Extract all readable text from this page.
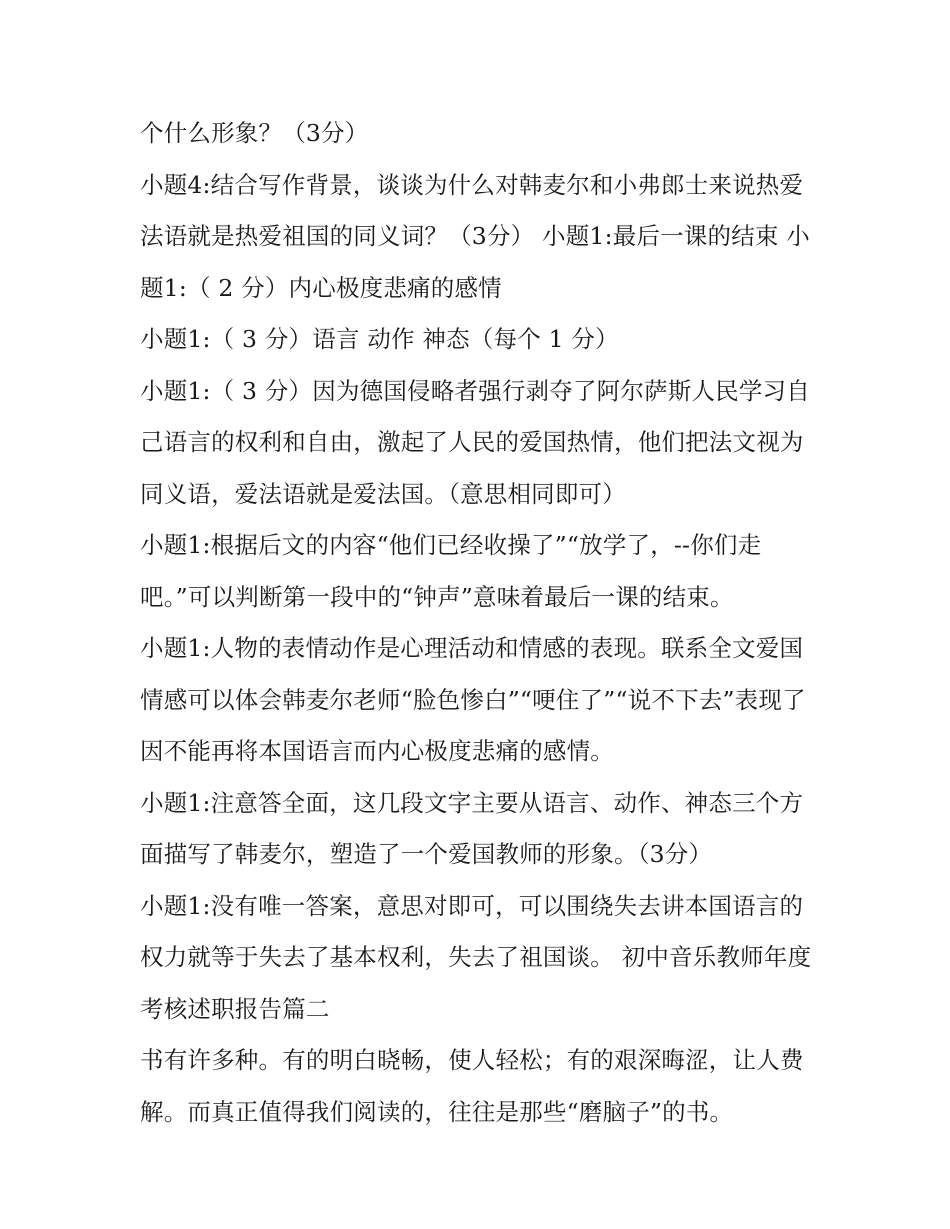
个什么形象？（3分）

小题4:结合写作背景，谈谈为什么对韩麦尔和小弗郎士来说热爱法语就是热爱祖国的同义词？（3分） 小题1:最后一课的结束 小题1:（ 2 分）内心极度悲痛的感情

小题1:（ 3 分）语言 动作 神态（每个 1 分）

小题1:（ 3 分）因为德国侵略者强行剥夺了阿尔萨斯人民学习自己语言的权利和自由，激起了人民的爱国热情，他们把法文视为同义语，爱法语就是爱法国。（意思相同即可）

小题1:根据后文的内容“他们已经收操了”“放学了，--你们走吧。”可以判断第一段中的“钟声”意味着最后一课的结束。

小题1:人物的表情动作是心理活动和情感的表现。联系全文爱国情感可以体会韩麦尔老师“脸色惨白”“哽住了”“说不下去”表现了因不能再将本国语言而内心极度悲痛的感情。

小题1:注意答全面，这几段文字主要从语言、动作、神态三个方面描写了韩麦尔，塑造了一个爱国教师的形象。（3分）

小题1:没有唯一答案，意思对即可，可以围绕失去讲本国语言的权力就等于失去了基本权利，失去了祖国谈。 初中音乐教师年度考核述职报告篇二

书有许多种。有的明白晓畅，使人轻松；有的艰深晦涩，让人费解。而真正值得我们阅读的，往往是那些“磨脑子”的书。
